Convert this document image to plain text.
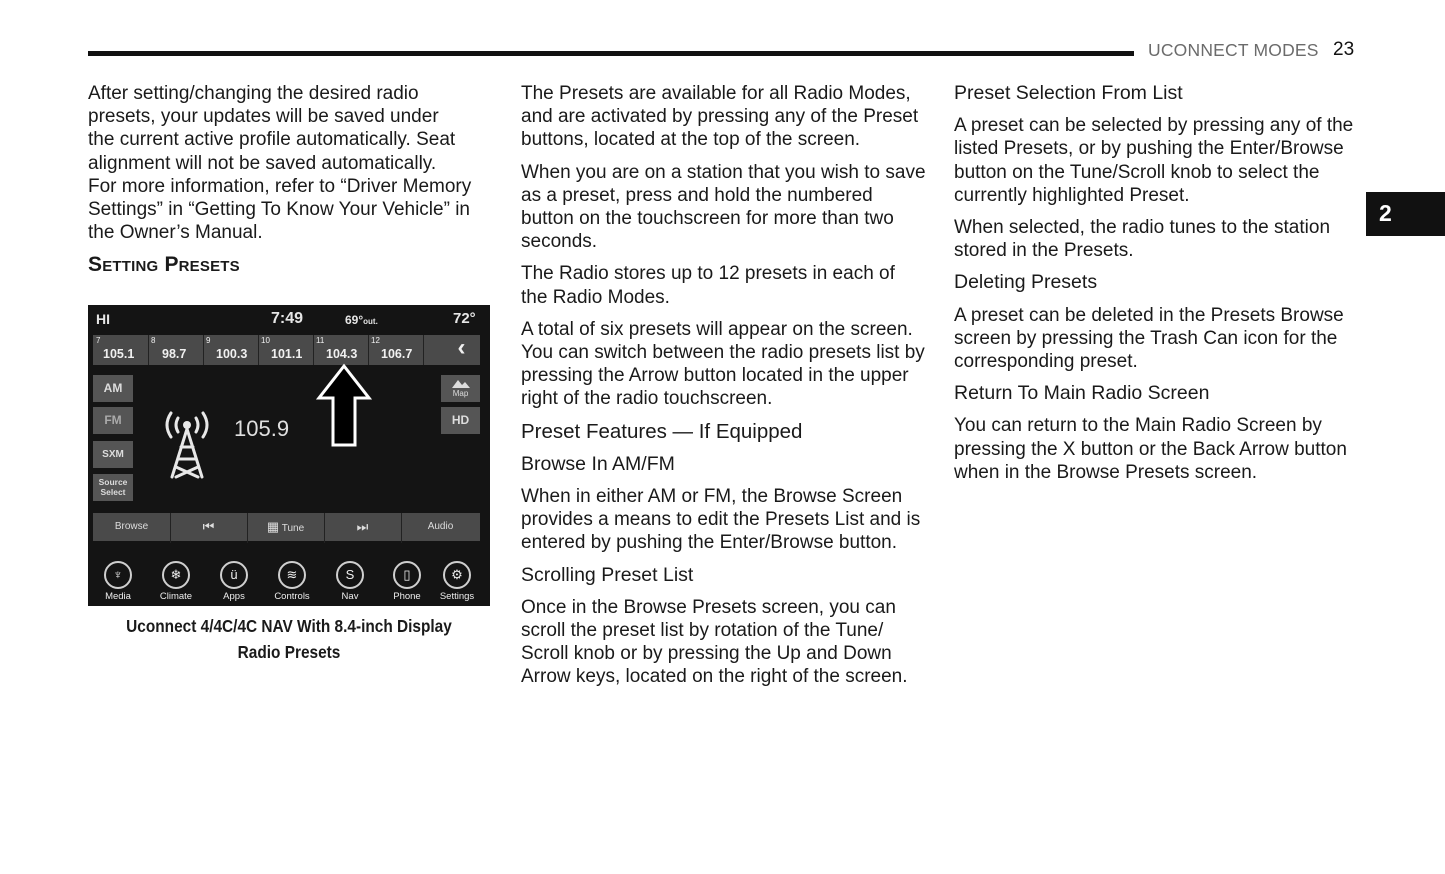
UCONNECT MODES 23
2

After setting/changing the desired radio
presets, your updates will be saved under
the current active profile automatically. Seat
alignment will not be saved automatically.
For more information, refer to “Driver Memory
Settings” in “Getting To Know Your Vehicle” in
the Owner’s Manual.

Setting Presets
HI	7:49	69°out.	72°
7
105.1
8
98.7
9
100.3
10
101.1
11
104.3
12
106.7	‹
AM
FM
SXM
Source
Select
Map
HD
105.9
Browse	⏮	▦ Tune	⏭	Audio
♆
Media
❄
Climate
ü
Apps
≋
Controls
S
Nav
▯
Phone
⚙
Settings
Uconnect 4/4C/4C NAV With 8.4-inch Display Radio Presets

The Presets are available for all Radio Modes, and are activated by pressing any of the Preset buttons, located at the top of the screen.

When you are on a station that you wish to save as a preset, press and hold the numbered button on the touchscreen for more than two seconds.

The Radio stores up to 12 presets in each of the Radio Modes.

A total of six presets will appear on the screen. You can switch between the radio presets list by pressing the Arrow button located in the upper right of the radio touchscreen.

Preset Features — If Equipped
Browse In AM/FM

When in either AM or FM, the Browse Screen provides a means to edit the Presets List and is entered by pushing the Enter/Browse button.

Scrolling Preset List

Once in the Browse Presets screen, you can scroll the preset list by rotation of the Tune/ Scroll knob or by pressing the Up and Down Arrow keys, located on the right of the screen.

Preset Selection From List

A preset can be selected by pressing any of the listed Presets, or by pushing the Enter/Browse button on the Tune/Scroll knob to select the currently highlighted Preset.

When selected, the radio tunes to the station stored in the Presets.

Deleting Presets

A preset can be deleted in the Presets Browse screen by pressing the Trash Can icon for the corresponding preset.

Return To Main Radio Screen

You can return to the Main Radio Screen by pressing the X button or the Back Arrow button when in the Browse Presets screen.
